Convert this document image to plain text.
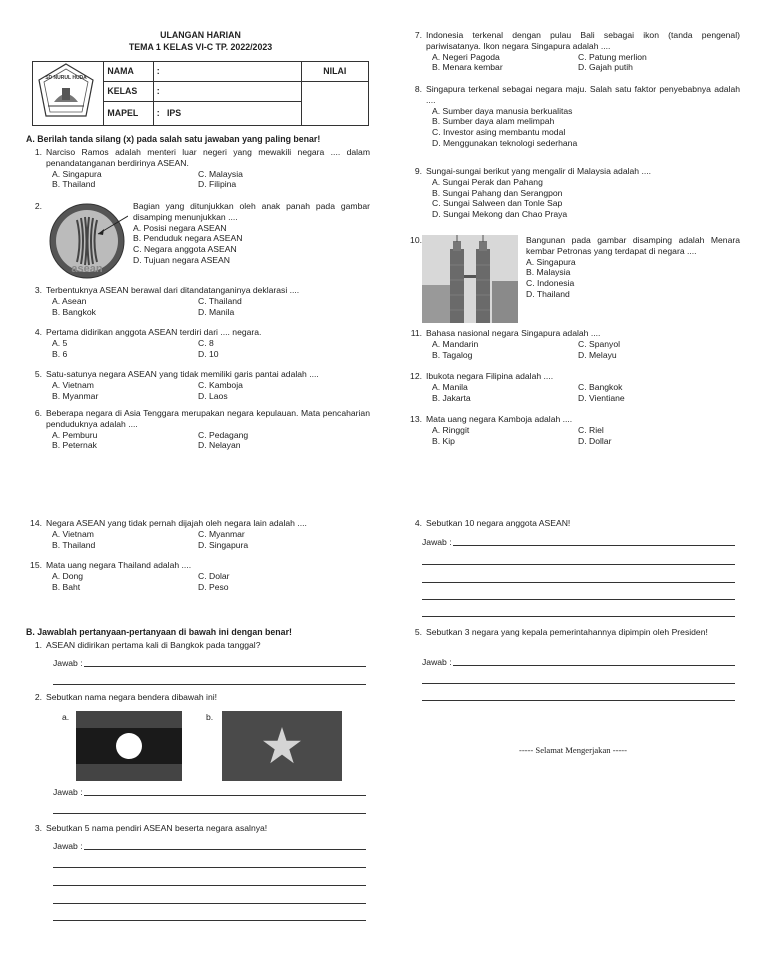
ULANGAN HARIAN
TEMA 1 KELAS VI-C TP. 2022/2023
SD NURUL HUDA	NAMA	:	NILAI
	KELAS	:	
	MAPEL	: IPS	
A. Berilah tanda silang (x) pada salah satu jawaban yang paling benar!
1. Narciso Ramos adalah menteri luar negeri yang mewakili negara .... dalam penandatanganan berdirinya ASEAN.
A. Singapura	C. Malaysia
B. Thailand	D. Filipina
2.
asean
Bagian yang ditunjukkan oleh anak panah pada gambar disamping menunjukkan ....
A. Posisi negara ASEAN
B. Penduduk negara ASEAN
C. Negara anggota ASEAN
D. Tujuan negara ASEAN
3. Terbentuknya ASEAN berawal dari ditandatanganinya deklarasi ....
A. Asean	C. Thailand
B. Bangkok	D. Manila
4. Pertama didirikan anggota ASEAN terdiri dari .... negara.
A. 5	C. 8
B. 6	D. 10
5. Satu-satunya negara ASEAN yang tidak memiliki garis pantai adalah ....
A. Vietnam	C. Kamboja
B. Myanmar	D. Laos
6. Beberapa negara di Asia Tenggara merupakan negara kepulauan. Mata pencaharian penduduknya adalah ....
A. Pemburu	C. Pedagang
B. Peternak	D. Nelayan
7. Indonesia terkenal dengan pulau Bali sebagai ikon (tanda pengenal) pariwisatanya. Ikon negara Singapura adalah ....
A. Negeri Pagoda	C. Patung merlion
B. Menara kembar	D. Gajah putih
8. Singapura terkenal sebagai negara maju. Salah satu faktor penyebabnya adalah ....
A. Sumber daya manusia berkualitas
B. Sumber daya alam melimpah
C. Investor asing membantu modal
D. Menggunakan teknologi sederhana
9. Sungai-sungai berikut yang mengalir di Malaysia adalah ....
A. Sungai Perak dan Pahang
B. Sungai Pahang dan Serangpon
C. Sungai Salween dan Tonle Sap
D. Sungai Mekong dan Chao Praya
10.	Bangunan pada gambar disamping adalah Menara kembar Petronas yang terdapat di negara ....
A. Singapura
B. Malaysia
C. Indonesia
D. Thailand
11. Bahasa nasional negara Singapura adalah ....
A. Mandarin	C. Spanyol
B. Tagalog	D. Melayu
12. Ibukota negara Filipina adalah ....
A. Manila	C. Bangkok
B. Jakarta	D. Vientiane
13. Mata uang negara Kamboja adalah ....
A. Ringgit	C. Riel
B. Kip	D. Dollar
14. Negara ASEAN yang tidak pernah dijajah oleh negara lain adalah ....
A. Vietnam	C. Myanmar
B. Thailand	D. Singapura
15. Mata uang negara Thailand adalah ....
A. Dong	C. Dolar
B. Baht	D. Peso
B. Jawablah pertanyaan-pertanyaan di bawah ini dengan benar!
1. ASEAN didirikan pertama kali di Bangkok pada tanggal?
Jawab :
2. Sebutkan nama negara bendera dibawah ini!
a.	b.
Jawab :
3. Sebutkan 5 nama pendiri ASEAN beserta negara asalnya!
Jawab :
4. Sebutkan 10 negara anggota ASEAN!
Jawab :
5. Sebutkan 3 negara yang kepala pemerintahannya dipimpin oleh Presiden!
Jawab :
----- Selamat Mengerjakan -----
